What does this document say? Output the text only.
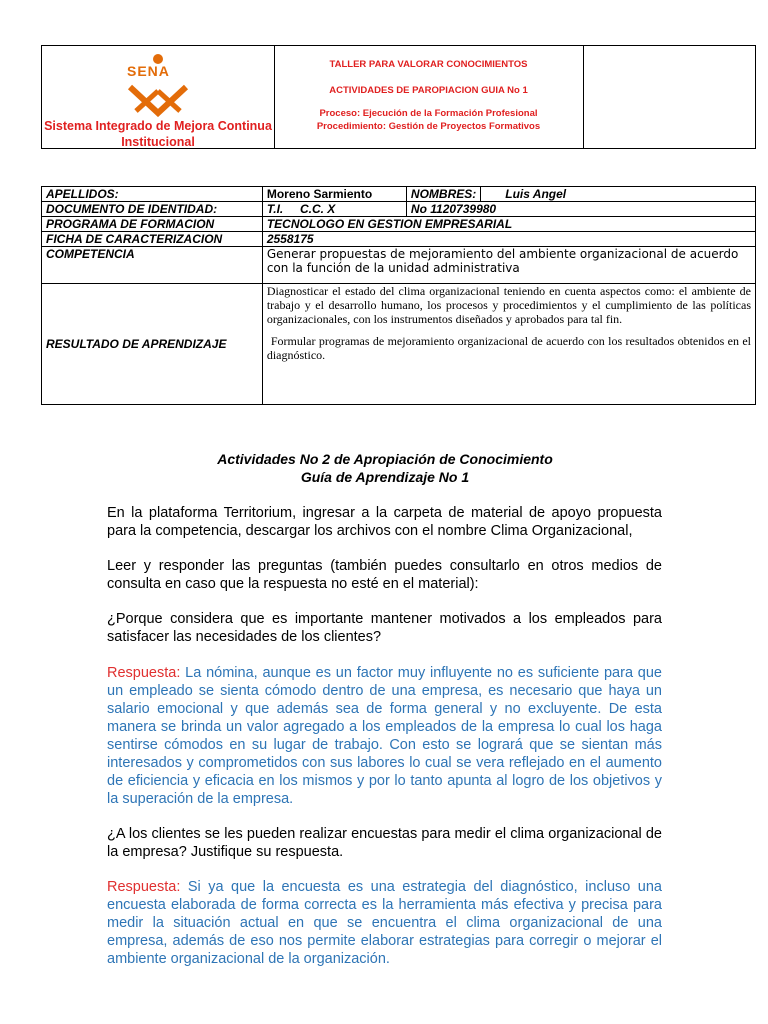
SENA
Sistema Integrado de Mejora Continua Institucional
TALLER PARA VALORAR CONOCIMIENTOS
ACTIVIDADES DE PAROPIACION GUIA No 1
Proceso: Ejecución de la Formación Profesional
Procedimiento: Gestión de Proyectos Formativos
APELLIDOS:	Moreno Sarmiento	NOMBRES:	Luis Angel
DOCUMENTO DE IDENTIDAD:	T.I.     C.C. X	No 1120739980	
PROGRAMA DE FORMACION	TECNOLOGO EN GESTION EMPRESARIAL		
FICHA DE CARACTERIZACION	2558175		
COMPETENCIA	Generar propuestas de mejoramiento del ambiente organizacional de acuerdo con la función de la unidad administrativa		
RESULTADO DE APRENDIZAJE	Diagnosticar el estado del clima organizacional teniendo en cuenta aspectos como: el ambiente de trabajo y el desarrollo humano, los procesos y procedimientos y el cumplimiento de las políticas organizacionales, con los instrumentos diseñados y aprobados para tal fin.
Formular programas de mejoramiento organizacional de acuerdo con los resultados obtenidos en el diagnóstico.		
Actividades No 2 de Apropiación de Conocimiento
Guía de Aprendizaje No 1
En la plataforma Territorium, ingresar a la carpeta de material de apoyo propuesta para la competencia, descargar los archivos con el nombre Clima Organizacional,
Leer y responder las preguntas (también puedes consultarlo en otros medios de consulta en caso que la respuesta no esté en el material):
¿Porque considera que es importante mantener motivados a los empleados para satisfacer las necesidades de los clientes?
Respuesta: La nómina, aunque es un factor muy influyente no es suficiente para que un empleado se sienta cómodo dentro de una empresa, es necesario que haya un salario emocional y que además sea de forma general y no excluyente. De esta manera se brinda un valor agregado a los empleados de la empresa lo cual los haga sentirse cómodos en su lugar de trabajo. Con esto se logrará que se sientan más interesados y comprometidos con sus labores lo cual se vera reflejado en el aumento de eficiencia y eficacia en los mismos y por lo tanto apunta al logro de los objetivos y la superación de la empresa.
¿A los clientes se les pueden realizar encuestas para medir el clima organizacional de la empresa? Justifique su respuesta.
Respuesta: Si ya que la encuesta es una estrategia del diagnóstico, incluso una encuesta elaborada de forma correcta es la herramienta más efectiva y precisa para medir la situación actual en que se encuentra el clima organizacional de una empresa, además de eso nos permite elaborar estrategias para corregir o mejorar el ambiente organizacional de la organización.
